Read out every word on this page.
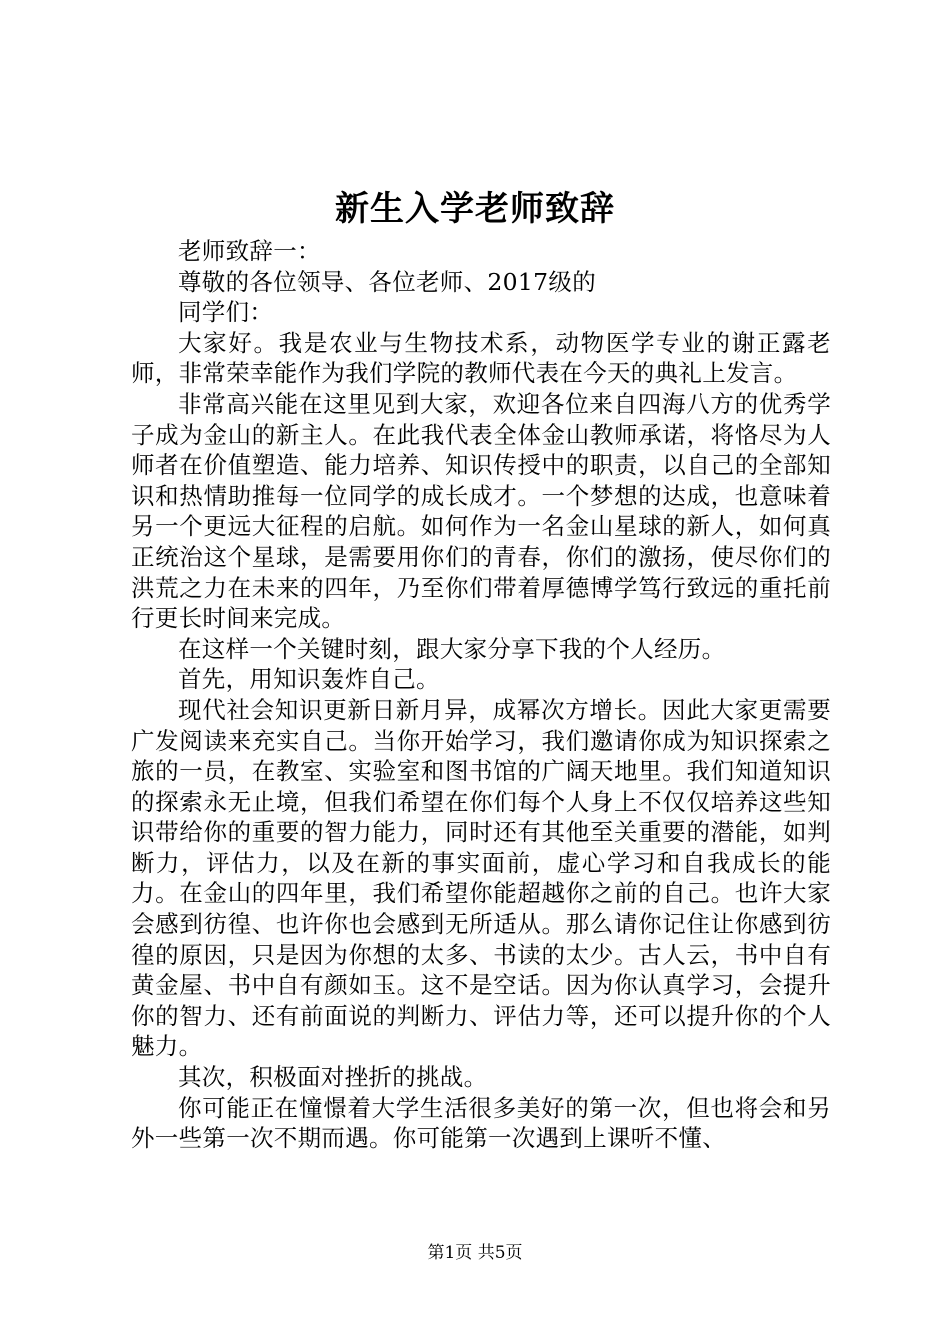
新生入学老师致辞

老师致辞一：

尊敬的各位领导、各位老师、2017级的

同学们：

大家好。我是农业与生物技术系，动物医学专业的谢正露老师，非常荣幸能作为我们学院的教师代表在今天的典礼上发言。

非常高兴能在这里见到大家，欢迎各位来自四海八方的优秀学子成为金山的新主人。在此我代表全体金山教师承诺，将恪尽为人师者在价值塑造、能力培养、知识传授中的职责，以自己的全部知识和热情助推每一位同学的成长成才。一个梦想的达成，也意味着另一个更远大征程的启航。如何作为一名金山星球的新人，如何真正统治这个星球，是需要用你们的青春，你们的激扬，使尽你们的洪荒之力在未来的四年，乃至你们带着厚德博学笃行致远的重托前行更长时间来完成。

在这样一个关键时刻，跟大家分享下我的个人经历。

首先，用知识轰炸自己。

现代社会知识更新日新月异，成幂次方增长。因此大家更需要广发阅读来充实自己。当你开始学习，我们邀请你成为知识探索之旅的一员，在教室、实验室和图书馆的广阔天地里。我们知道知识的探索永无止境，但我们希望在你们每个人身上不仅仅培养这些知识带给你的重要的智力能力，同时还有其他至关重要的潜能，如判断力，评估力，以及在新的事实面前，虚心学习和自我成长的能力。在金山的四年里，我们希望你能超越你之前的自己。也许大家会感到彷徨、也许你也会感到无所适从。那么请你记住让你感到彷徨的原因，只是因为你想的太多、书读的太少。古人云，书中自有黄金屋、书中自有颜如玉。这不是空话。因为你认真学习，会提升你的智力、还有前面说的判断力、评估力等，还可以提升你的个人魅力。

其次，积极面对挫折的挑战。

你可能正在憧憬着大学生活很多美好的第一次，但也将会和另外一些第一次不期而遇。你可能第一次遇到上课听不懂、

第1页 共5页
